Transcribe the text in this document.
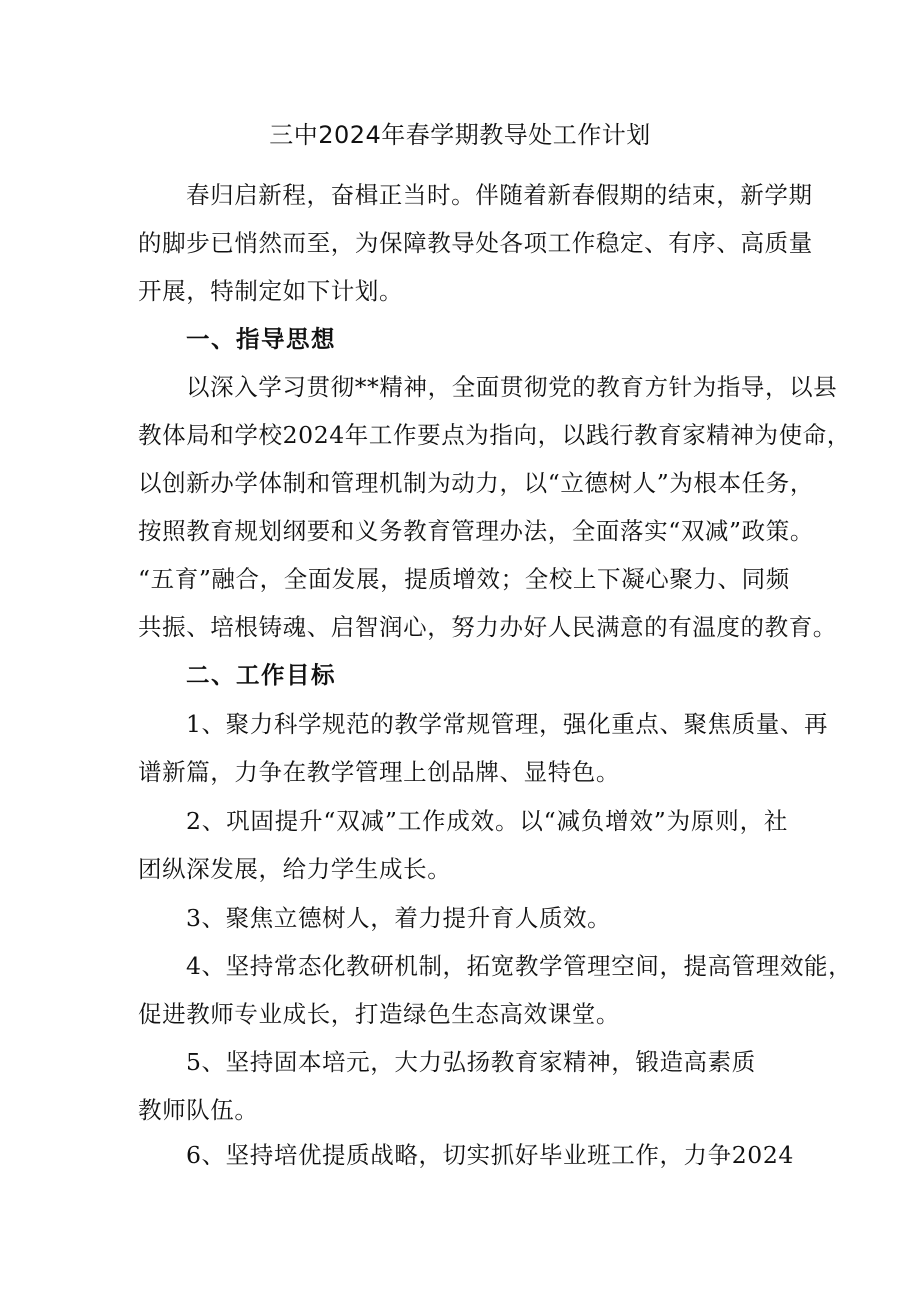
三中2024年春学期教导处工作计划
春归启新程，奋楫正当时。伴随着新春假期的结束，新学期
的脚步已悄然而至，为保障教导处各项工作稳定、有序、高质量
开展，特制定如下计划。
一、指导思想
以深入学习贯彻**精神，全面贯彻党的教育方针为指导，以县
教体局和学校2024年工作要点为指向，以践行教育家精神为使命，
以创新办学体制和管理机制为动力，以“立德树人”为根本任务，
按照教育规划纲要和义务教育管理办法，全面落实“双减”政策。
“五育”融合，全面发展，提质增效；全校上下凝心聚力、同频
共振、培根铸魂、启智润心，努力办好人民满意的有温度的教育。
二、工作目标
1、聚力科学规范的教学常规管理，强化重点、聚焦质量、再
谱新篇，力争在教学管理上创品牌、显特色。
2、巩固提升“双减”工作成效。以“减负增效”为原则，社
团纵深发展，给力学生成长。
3、聚焦立德树人，着力提升育人质效。
4、坚持常态化教研机制，拓宽教学管理空间，提高管理效能，
促进教师专业成长，打造绿色生态高效课堂。
5、坚持固本培元，大力弘扬教育家精神，锻造高素质
教师队伍。
6、坚持培优提质战略，切实抓好毕业班工作，力争2024
